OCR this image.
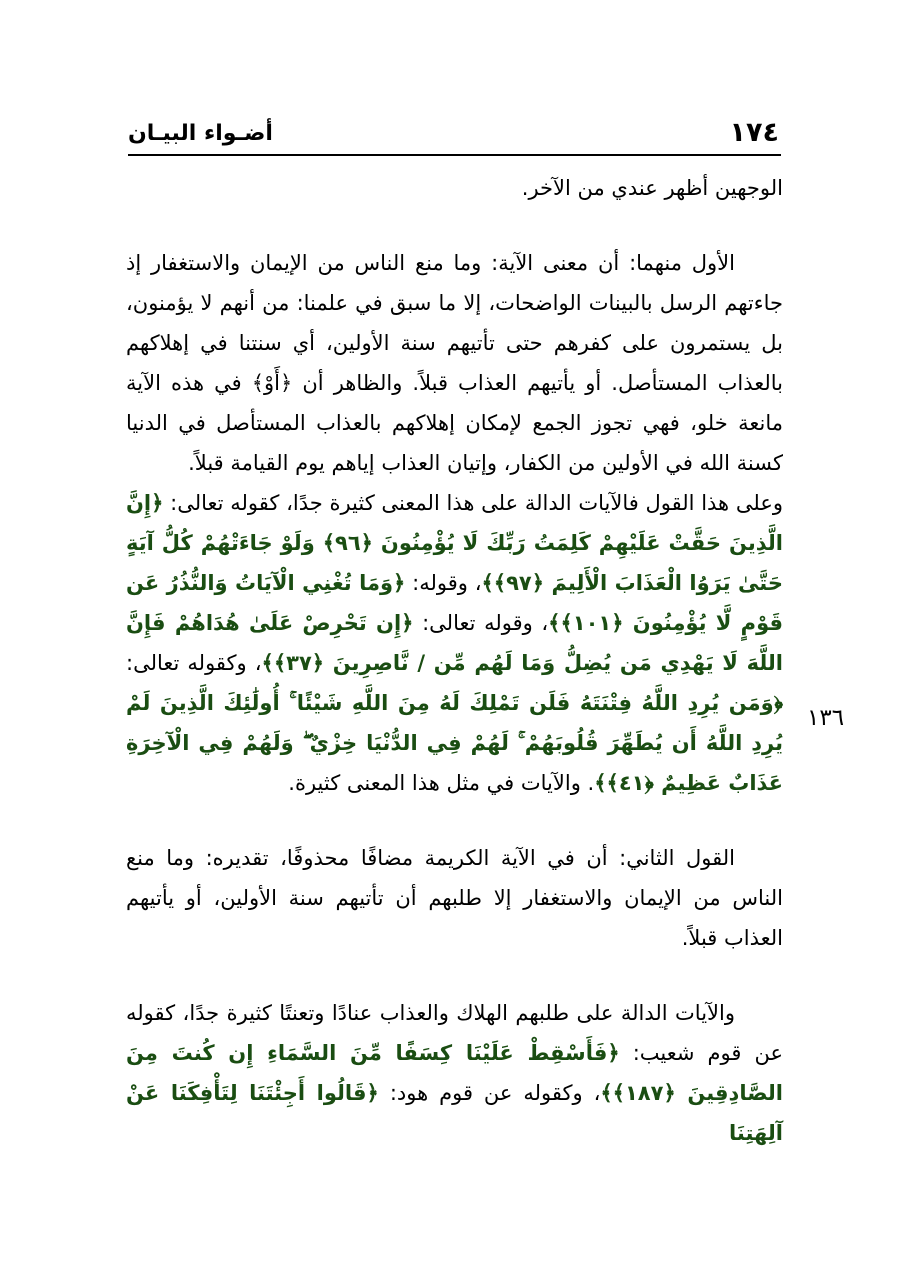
أضـواء البيـان	١٧٤
١٣٦

الوجهين أظهر عندي من الآخر.

الأول منهما: أن معنى الآية: وما منع الناس من الإيمان والاستغفار إذ جاءتهم الرسل بالبينات الواضحات، إلا ما سبق في علمنا: من أنهم لا يؤمنون، بل يستمرون على كفرهم حتى تأتيهم سنة الأولين، أي سنتنا في إهلاكهم بالعذاب المستأصل. أو يأتيهم العذاب قبلاً. والظاهر أن ﴿أَوْ﴾ في هذه الآية مانعة خلو، فهي تجوز الجمع لإمكان إهلاكهم بالعذاب المستأصل في الدنيا كسنة الله في الأولين من الكفار، وإتيان العذاب إياهم يوم القيامة قبلاً.

وعلى هذا القول فالآيات الدالة على هذا المعنى كثيرة جدًا، كقوله تعالى: ﴿إِنَّ الَّذِينَ حَقَّتْ عَلَيْهِمْ كَلِمَتُ رَبِّكَ لَا يُؤْمِنُونَ ﴿٩٦﴾ وَلَوْ جَاءَتْهُمْ كُلُّ آيَةٍ حَتَّىٰ يَرَوُا الْعَذَابَ الْأَلِيمَ ﴿٩٧﴾﴾، وقوله: ﴿وَمَا تُغْنِي الْآيَاتُ وَالنُّذُرُ عَن قَوْمٍ لَّا يُؤْمِنُونَ ﴿١٠١﴾﴾، وقوله تعالى: ﴿إِن تَحْرِصْ عَلَىٰ هُدَاهُمْ فَإِنَّ اللَّهَ لَا يَهْدِي مَن يُضِلُّ وَمَا لَهُم مِّن / نَّاصِرِينَ ﴿٣٧﴾﴾، وكقوله تعالى: ﴿وَمَن يُرِدِ اللَّهُ فِتْنَتَهُ فَلَن تَمْلِكَ لَهُ مِنَ اللَّهِ شَيْئًا ۚ أُولَٰئِكَ الَّذِينَ لَمْ يُرِدِ اللَّهُ أَن يُطَهِّرَ قُلُوبَهُمْ ۚ لَهُمْ فِي الدُّنْيَا خِزْيٌ ۖ وَلَهُمْ فِي الْآخِرَةِ عَذَابٌ عَظِيمٌ ﴿٤١﴾﴾. والآيات في مثل هذا المعنى كثيرة.

القول الثاني: أن في الآية الكريمة مضافًا محذوفًا، تقديره: وما منع الناس من الإيمان والاستغفار إلا طلبهم أن تأتيهم سنة الأولين، أو يأتيهم العذاب قبلاً.

والآيات الدالة على طلبهم الهلاك والعذاب عنادًا وتعنتًا كثيرة جدًا، كقوله عن قوم شعيب: ﴿فَأَسْقِطْ عَلَيْنَا كِسَفًا مِّنَ السَّمَاءِ إِن كُنتَ مِنَ الصَّادِقِينَ ﴿١٨٧﴾﴾، وكقوله عن قوم هود: ﴿قَالُوا أَجِئْتَنَا لِتَأْفِكَنَا عَنْ آلِهَتِنَا
